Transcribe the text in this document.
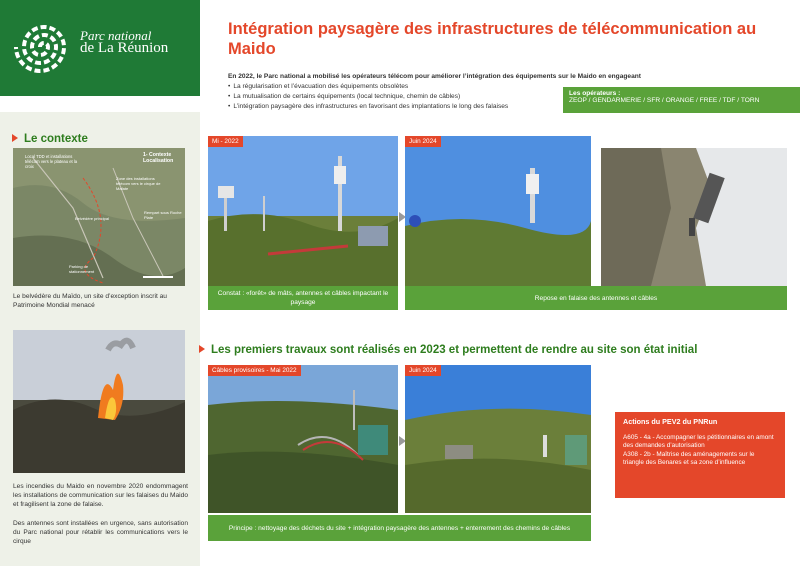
Parc national
de La Réunion
Intégration paysagère des infrastructures de télécommunication au Maido
En 2022, le Parc national a mobilisé les opérateurs télécom pour améliorer l’intégration des équipements sur le Maido en engageant
• La régularisation et l’évacuation des équipements obsolètes
• La mutualisation de certains équipements (local technique, chemin de câbles)
• L’intégration paysagère des infrastructures en favorisant des implantations le long des falaises
Les opérateurs :
ZEOP / GENDARMERIE / SFR / ORANGE / FREE / TDF / TORN
Le contexte
Local TDD et installations télécom vers le plateau et la croix
1- Contexte Localisation
Zone des installations télécom vers le cirque de Mafate
Belvédère principal
Rempart sous Roche Plate
Parking de stationnement
Le belvédère du Maïdo, un site d’exception inscrit au Patrimoine Mondial menacé
Les incendies du Maido en novembre 2020 endommagent les installations de communication sur les falaises du Maido et fragilisent la zone de falaise.
Des antennes sont installées en urgence, sans autorisation du Parc national pour rétablir les communications vers le cirque
Mi - 2022
Constat : «forêt» de mâts, antennes et câbles impactant le paysage
Juin 2024
Repose en falaise des antennes et câbles
Les premiers travaux sont réalisés en 2023 et permettent de rendre au site son état initial
Câbles provisoires - Mai 2022	Juin 2024
Principe : nettoyage des déchets du site + intégration paysagère des antennes + enterrement des chemins de câbles
Actions du PEV2 du PNRun
A605 - 4a - Accompagner les pétitionnaires en amont des demandes d’autorisation
A308 - 2b - Maîtrise des aménagements sur le triangle des Benares et sa zone d’influence
